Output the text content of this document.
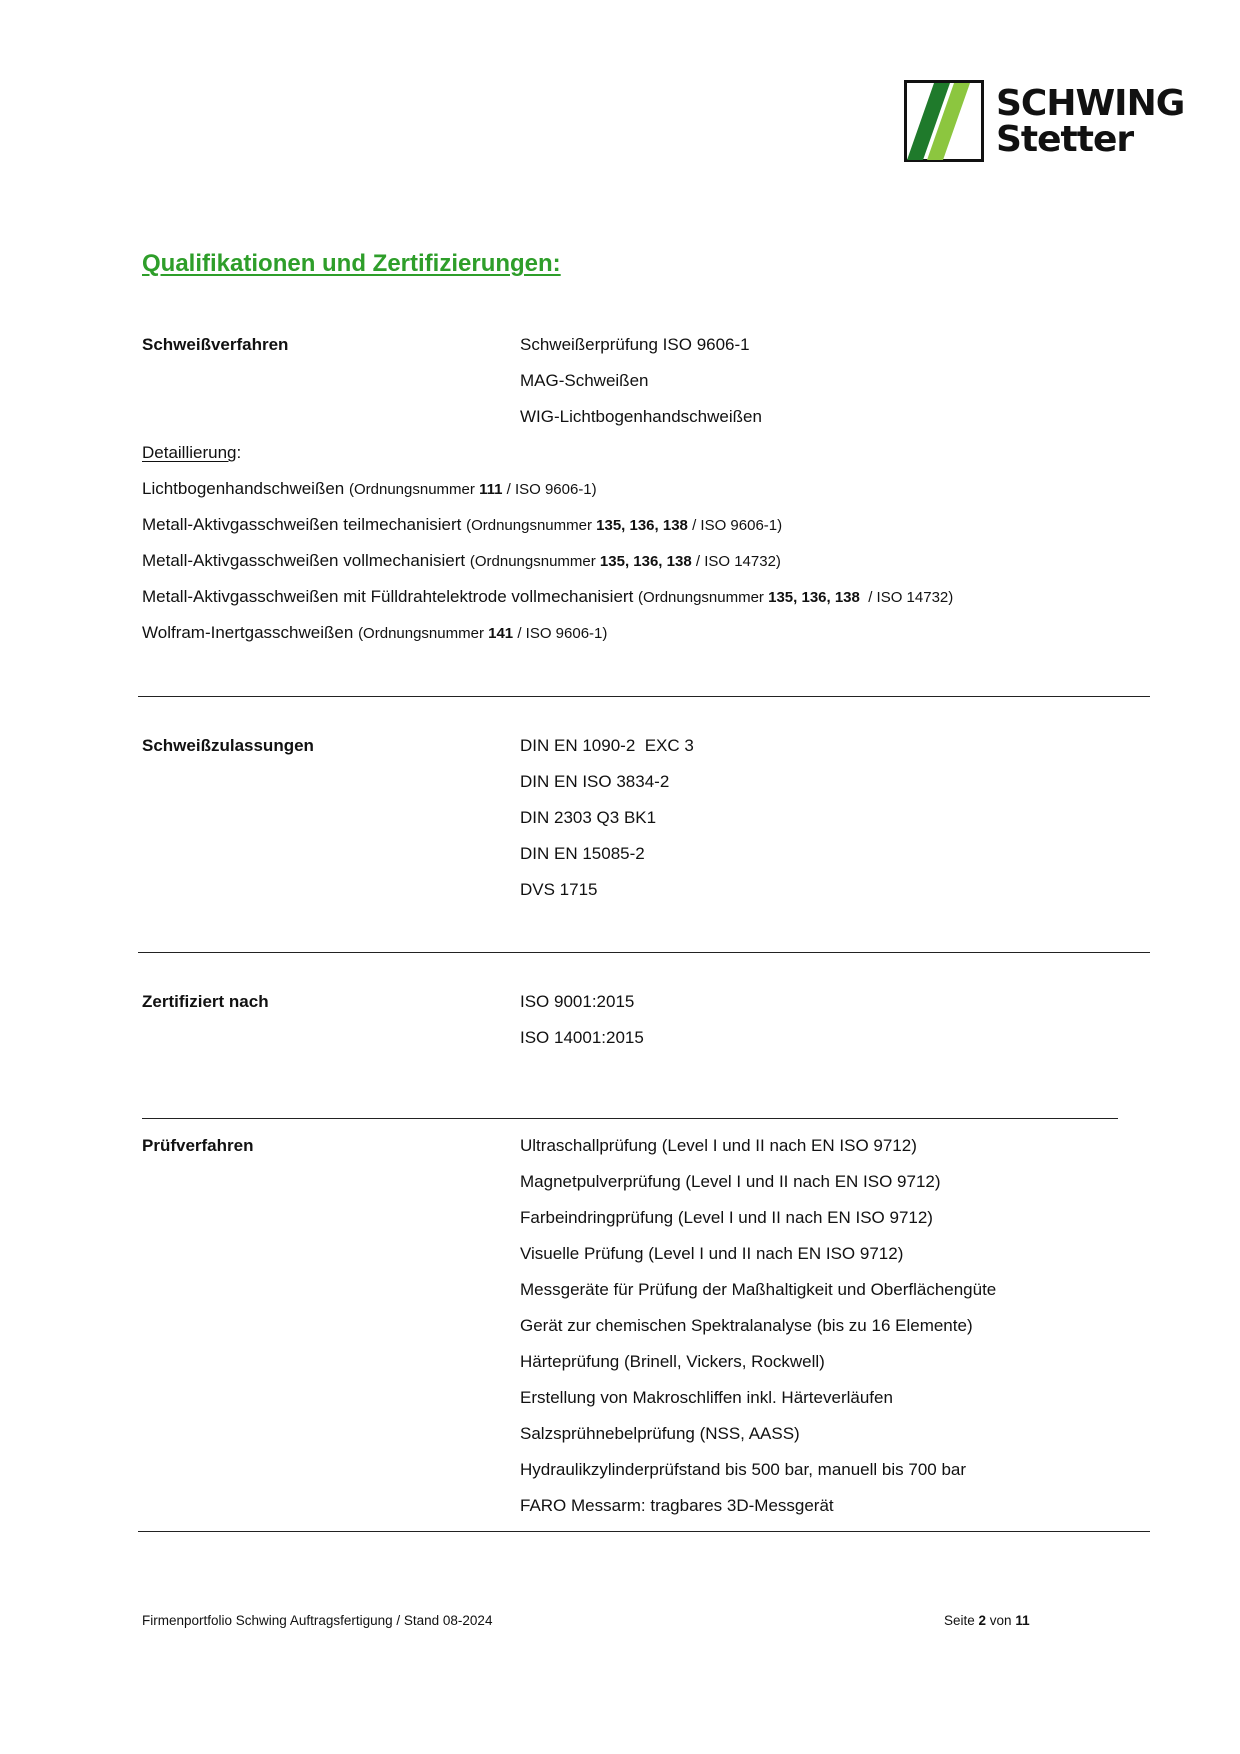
SCHWING
Stetter
Qualifikationen und Zertifizierungen:
Schweißverfahren	Schweißerprüfung ISO 9606-1
MAG-Schweißen
WIG-Lichtbogenhandschweißen
Detaillierung:
Lichtbogenhandschweißen (Ordnungsnummer 111 / ISO 9606-1)
Metall-Aktivgasschweißen teilmechanisiert (Ordnungsnummer 135, 136, 138 / ISO 9606-1)
Metall-Aktivgasschweißen vollmechanisiert (Ordnungsnummer 135, 136, 138 / ISO 14732)
Metall-Aktivgasschweißen mit Fülldrahtelektrode vollmechanisiert (Ordnungsnummer 135, 136, 138  / ISO 14732)
Wolfram-Inertgasschweißen (Ordnungsnummer 141 / ISO 9606-1)
Schweißzulassungen	DIN EN 1090-2  EXC 3
DIN EN ISO 3834-2
DIN 2303 Q3 BK1
DIN EN 15085-2
DVS 1715
Zertifiziert nach	ISO 9001:2015
ISO 14001:2015
Prüfverfahren	Ultraschallprüfung (Level I und II nach EN ISO 9712)
Magnetpulverprüfung (Level I und II nach EN ISO 9712)
Farbeindringprüfung (Level I und II nach EN ISO 9712)
Visuelle Prüfung (Level I und II nach EN ISO 9712)
Messgeräte für Prüfung der Maßhaltigkeit und Oberflächengüte
Gerät zur chemischen Spektralanalyse (bis zu 16 Elemente)
Härteprüfung (Brinell, Vickers, Rockwell)
Erstellung von Makroschliffen inkl. Härteverläufen
Salzsprühnebelprüfung (NSS, AASS)
Hydraulikzylinderprüfstand bis 500 bar, manuell bis 700 bar
FARO Messarm: tragbares 3D-Messgerät
Firmenportfolio Schwing Auftragsfertigung / Stand 08-2024	Seite 2 von 11
